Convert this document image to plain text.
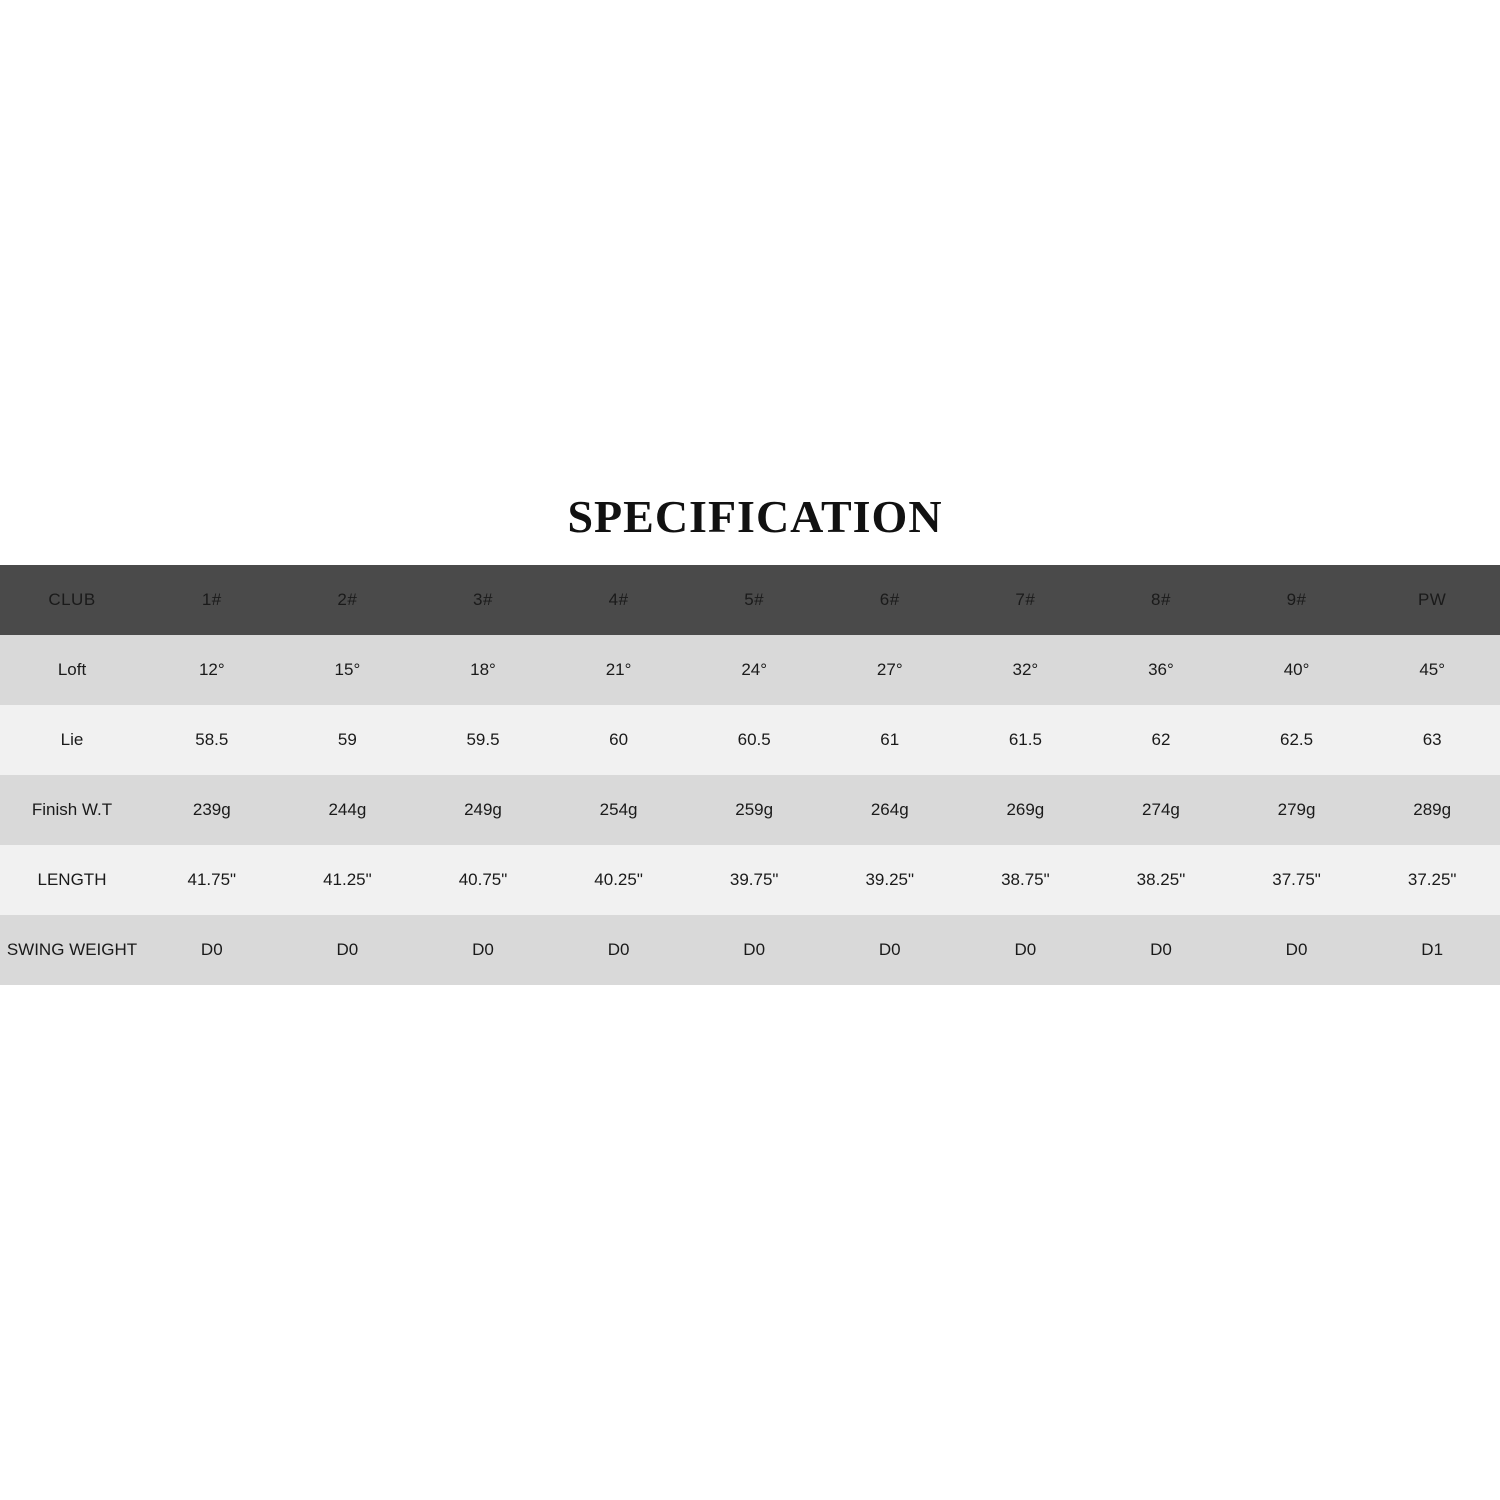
SPECIFICATION
CLUB	1#	2#	3#	4#	5#	6#	7#	8#	9#	PW
Loft	12°	15°	18°	21°	24°	27°	32°	36°	40°	45°
Lie	58.5	59	59.5	60	60.5	61	61.5	62	62.5	63
Finish W.T	239g	244g	249g	254g	259g	264g	269g	274g	279g	289g
LENGTH	41.75"	41.25"	40.75"	40.25"	39.75"	39.25"	38.75"	38.25"	37.75"	37.25"
SWING WEIGHT	D0	D0	D0	D0	D0	D0	D0	D0	D0	D1
